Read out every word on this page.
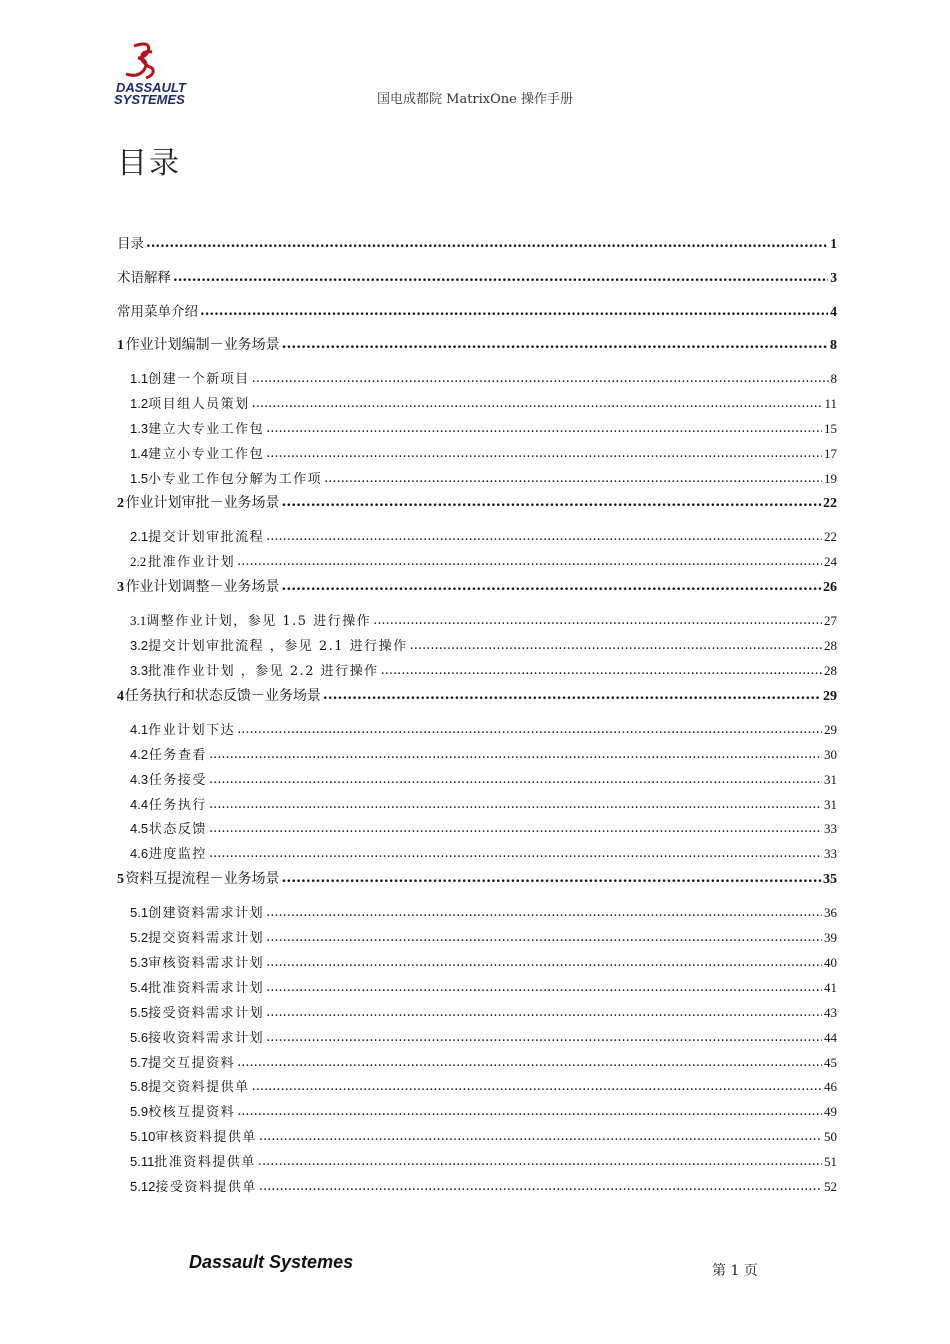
DASSAULT
SYSTEMES	国电成都院 MatrixOne 操作手册
目录
目录 .....	1
术语解释 .....	3
常用菜单介绍 .....	4
1 作业计划编制－业务场景 .....	8
1.1 创建一个新项目 .....	8
1.2 项目组人员策划 .....	11
1.3 建立大专业工作包 .....	15
1.4 建立小专业工作包 .....	17
1.5 小专业工作包分解为工作项 .....	19
2 作业计划审批－业务场景 .....	22
2.1 提交计划审批流程 .....	22
2.2 批准作业计划 .....	24
3 作业计划调整－业务场景 .....	26
3.1 调整作业计划，参见 1.5 进行操作 .....	27
3.2 提交计划审批流程 ，参见 2.1 进行操作 .....	28
3.3 批准作业计划 ，参见 2.2 进行操作 .....	28
4 任务执行和状态反馈－业务场景 .....	29
4.1 作业计划下达 .....	29
4.2 任务查看 .....	30
4.3 任务接受 .....	31
4.4 任务执行 .....	31
4.5 状态反馈 .....	33
4.6 进度监控 .....	33
5 资料互提流程－业务场景 .....	35
5.1 创建资料需求计划 .....	36
5.2 提交资料需求计划 .....	39
5.3 审核资料需求计划 .....	40
5.4 批准资料需求计划 .....	41
5.5 接受资料需求计划 .....	43
5.6 接收资料需求计划 .....	44
5.7 提交互提资料 .....	45
5.8 提交资料提供单 .....	46
5.9 校核互提资料 .....	49
5.10 审核资料提供单 .....	50
5.11 批准资料提供单 .....	51
5.12 接受资料提供单 .....	52
Dassault Systemes	第 1 页
